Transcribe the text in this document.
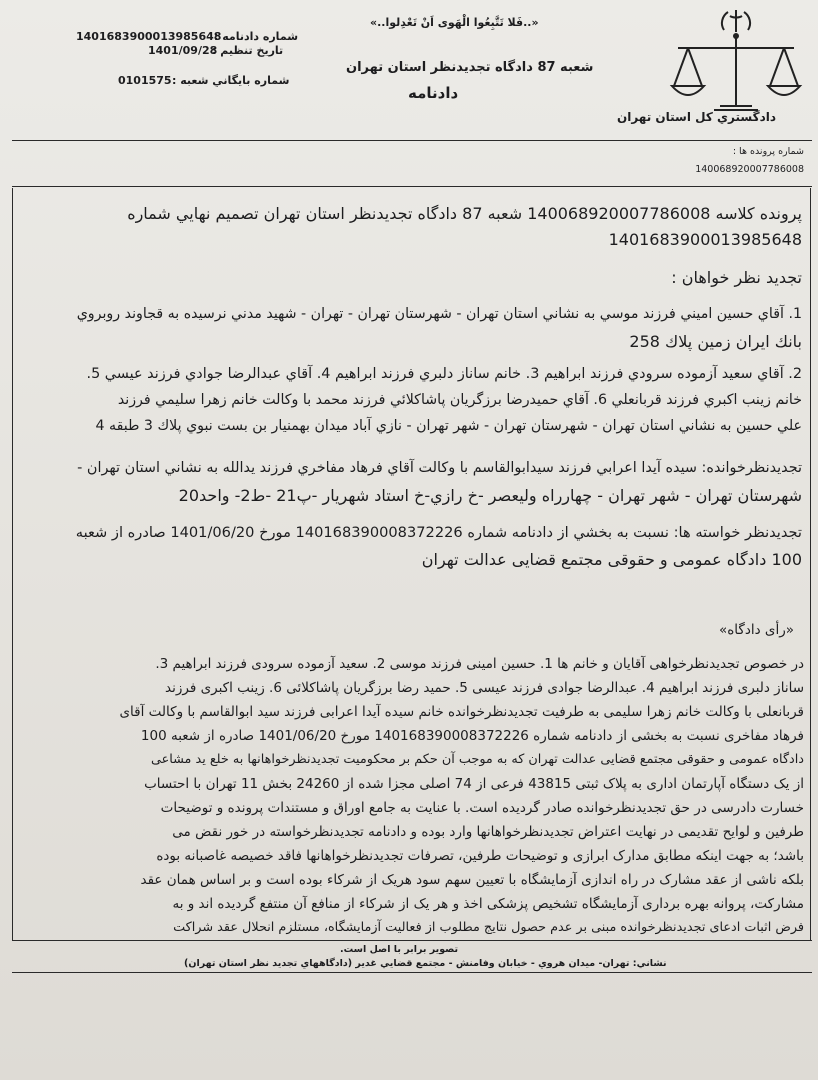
دادگستري كل استان تهران
«..فَلا تَتَّبِعُوا الْهَوى اَنْ تَعْدِلوا..»
شعبه 87 دادگاه تجدیدنظر استان تهران
دادنامه
شماره دادنامه :
140168390001398564‪8‬
تاريخ تنظيم :
1401/09/28
شماره بايگاني شعبه :
0101575
شماره پرونده ها :
140068920007786008
پرونده كلاسه 140068920007786008 شعبه 87 دادگاه تجديدنظر استان تهران تصميم نهايي شماره
1401683900013985648
تجدید نظر خواهان :
1. آقاي حسين اميني فرزند موسي به نشاني استان تهران - شهرستان تهران - تهران - شهيد مدني نرسيده به قجاوند روبروي
بانك ايران زمين پلاك 258
2. آقاي سعيد آزموده سرودي فرزند ابراهيم 3. خانم ساناز دلبري فرزند ابراهيم 4. آقاي عبدالرضا جوادي فرزند عيسي 5.
خانم زينب اكبري فرزند قربانعلي 6. آقاي حميدرضا برزگريان پاشاكلائي فرزند محمد با وكالت خانم زهرا سليمي فرزند
علي حسين به نشاني استان تهران - شهرستان تهران - شهر تهران - نازي آباد ميدان بهمنيار بن بست نبوي پلاك 3 طبقه 4
تجديدنظرخوانده: سيده آيدا اعرابي فرزند سيدابوالقاسم با وكالت آقاي فرهاد مفاخري فرزند يدالله به نشاني استان تهران -
شهرستان تهران - شهر تهران - چهارراه وليعصر -خ رازي-خ استاد شهريار -پ21 -ط2- واحد20
تجديدنظر خواسته ها: نسبت به بخشي از دادنامه شماره 140168390008372226 مورخ 1401/06/20 صادره از شعبه
100 دادگاه عمومی و حقوقی مجتمع قضایی عدالت تهران
«رأی دادگاه»
در خصوص تجدیدنظرخواهی آقایان و خانم ها 1. حسین امینی فرزند موسی 2. سعید آزموده سرودی فرزند ابراهیم 3.
ساناز دلبری فرزند ابراهیم 4. عبدالرضا جوادی فرزند عیسی 5. حمید رضا برزگریان پاشاکلائی 6. زینب اکبری فرزند
قربانعلی با وکالت خانم زهرا سلیمی به طرفیت تجدیدنظرخوانده خانم سیده آیدا اعرابی فرزند سید ابوالقاسم با وکالت آقای
فرهاد مفاخری نسبت به بخشی از دادنامه شماره 140168390008372226 مورخ 1401/06/20 صادره از شعبه 100
دادگاه عمومی و حقوقی مجتمع قضایی عدالت تهران که به موجب آن حکم بر محکومیت تجدیدنظرخواهانها به خلع ید مشاعی
از یک دستگاه آپارتمان اداری به پلاک ثبتی 43815 فرعی از 74 اصلی مجزا شده از 24260 بخش 11 تهران با احتساب
خسارت دادرسی در حق تجدیدنظرخوانده صادر گردیده است. با عنایت به جامع اوراق و مستندات پرونده و توضیحات
طرفین و لوایح تقدیمی در نهایت اعتراض تجدیدنظرخواهانها وارد بوده و دادنامه تجدیدنظرخواسته در خور نقض می
باشد؛ به جهت اینکه مطابق مدارک ابرازی و توضیحات طرفین، تصرفات تجدیدنظرخواهانها فاقد خصیصه غاصبانه بوده
بلکه ناشی از عقد مشارک در راه اندازی آزمایشگاه با تعیین سهم سود هریک از شرکاء بوده است و بر اساس همان عقد
مشارکت، پروانه بهره برداری آزمایشگاه تشخیص پزشکی اخذ و هر یک از شرکاء از منافع آن منتفع گردیده اند و به
فرض اثبات ادعای تجدیدنظرخوانده مبنی بر عدم حصول نتایج مطلوب از فعالیت آزمایشگاه، مستلزم انحلال عقد شراکت
تصوير برابر با اصل است.
نشاني: تهران- ميدان هروي - خيابان وفامنش - مجتمع قضايي غدير (دادگاههاي تجديد نظر استان تهران)
